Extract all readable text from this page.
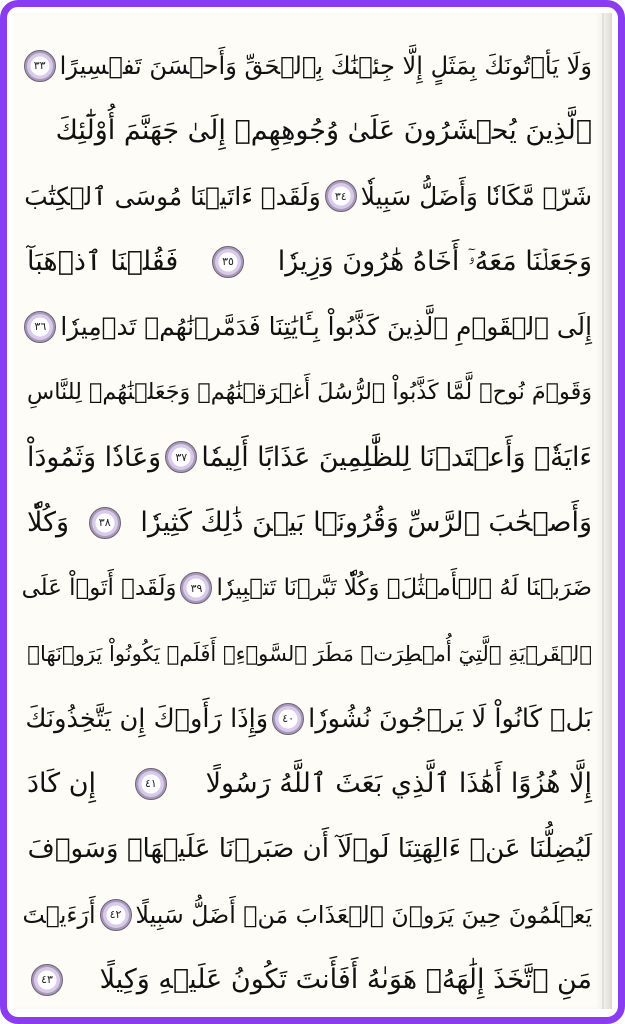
وَلَا يَأۡتُونَكَ بِمَثَلٍ إِلَّا جِئۡنَٰكَ بِٱلۡحَقِّ وَأَحۡسَنَ تَفۡسِيرًا
٣٣
ٱلَّذِينَ يُحۡشَرُونَ عَلَىٰ وُجُوهِهِمۡ إِلَىٰ جَهَنَّمَ أُوْلَٰٓئِكَ
شَرّٞ مَّكَانٗا وَأَضَلُّ سَبِيلٗا
٣٤
وَلَقَدۡ ءَاتَيۡنَا مُوسَى ٱلۡكِتَٰبَ
وَجَعَلۡنَا مَعَهُۥٓ أَخَاهُ هَٰرُونَ وَزِيرٗا
٣٥
فَقُلۡنَا ٱذۡهَبَآ
إِلَى ٱلۡقَوۡمِ ٱلَّذِينَ كَذَّبُواْ بِـَٔايَٰتِنَا فَدَمَّرۡنَٰهُمۡ تَدۡمِيرٗا
٣٦
وَقَوۡمَ نُوحٖ لَّمَّا كَذَّبُواْ ٱلرُّسُلَ أَغۡرَقۡنَٰهُمۡ وَجَعَلۡنَٰهُمۡ لِلنَّاسِ
ءَايَةٗۖ وَأَعۡتَدۡنَا لِلظَّٰلِمِينَ عَذَابًا أَلِيمٗا
٣٧
وَعَادٗا وَثَمُودَاْ
وَأَصۡحَٰبَ ٱلرَّسِّ وَقُرُونَۢا بَيۡنَ ذَٰلِكَ كَثِيرٗا
٣٨
وَكُلّٗا
ضَرَبۡنَا لَهُ ٱلۡأَمۡثَٰلَۖ وَكُلّٗا تَبَّرۡنَا تَتۡبِيرٗا
٣٩
وَلَقَدۡ أَتَوۡاْ عَلَى
ٱلۡقَرۡيَةِ ٱلَّتِيٓ أُمۡطِرَتۡ مَطَرَ ٱلسَّوۡءِۚ أَفَلَمۡ يَكُونُواْ يَرَوۡنَهَاۚ
بَلۡ كَانُواْ لَا يَرۡجُونَ نُشُورٗا
٤٠
وَإِذَا رَأَوۡكَ إِن يَتَّخِذُونَكَ
إِلَّا هُزُوًا أَهَٰذَا ٱلَّذِي بَعَثَ ٱللَّهُ رَسُولًا
٤١
إِن كَادَ
لَيُضِلُّنَا عَنۡ ءَالِهَتِنَا لَوۡلَآ أَن صَبَرۡنَا عَلَيۡهَاۚ وَسَوۡفَ
يَعۡلَمُونَ حِينَ يَرَوۡنَ ٱلۡعَذَابَ مَنۡ أَضَلُّ سَبِيلًا
٤٢
أَرَءَيۡتَ
مَنِ ٱتَّخَذَ إِلَٰهَهُۥ هَوَىٰهُ أَفَأَنتَ تَكُونُ عَلَيۡهِ وَكِيلًا
٤٣
